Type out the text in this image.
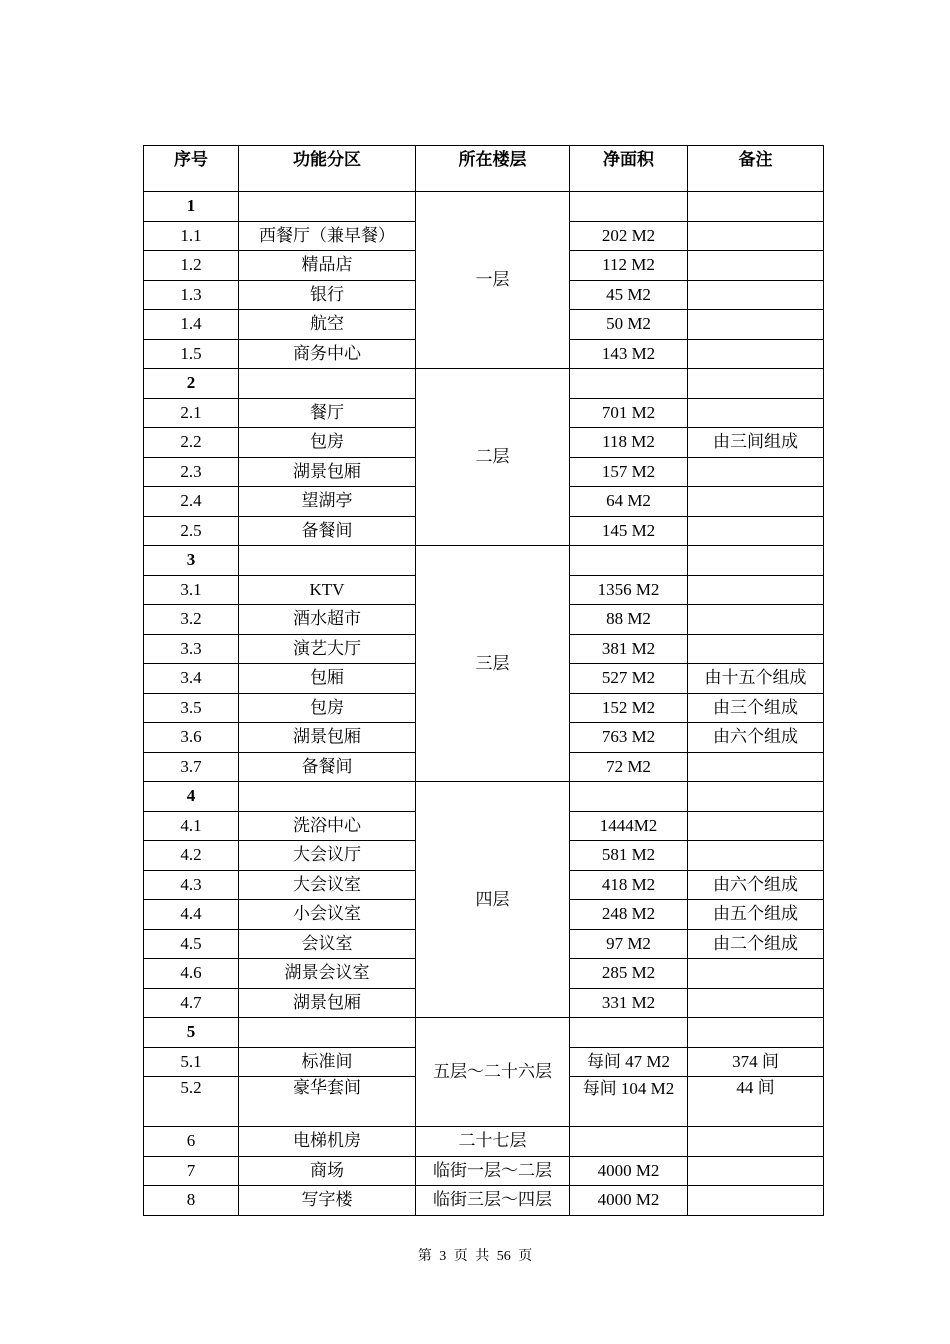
序号	功能分区	所在楼层	净面积	备注
1		一层		
1.1	西餐厅（兼早餐）		202 M2	
1.2	精品店		112 M2	
1.3	银行		45 M2	
1.4	航空		50 M2	
1.5	商务中心		143 M2	
2		二层		
2.1	餐厅		701 M2	
2.2	包房		118 M2	由三间组成
2.3	湖景包厢		157 M2	
2.4	望湖亭		64 M2	
2.5	备餐间		145 M2	
3		三层		
3.1	KTV		1356 M2	
3.2	酒水超市		88 M2	
3.3	演艺大厅		381 M2	
3.4	包厢		527 M2	由十五个组成
3.5	包房		152 M2	由三个组成
3.6	湖景包厢		763 M2	由六个组成
3.7	备餐间		72 M2	
4		四层		
4.1	洗浴中心		1444M2	
4.2	大会议厅		581 M2	
4.3	大会议室		418 M2	由六个组成
4.4	小会议室		248 M2	由五个组成
4.5	会议室		97 M2	由二个组成
4.6	湖景会议室		285 M2	
4.7	湖景包厢		331 M2	
5		五层～二十六层		
5.1	标准间		每间 47 M2	374 间
5.2	豪华套间		每间 104 M2	44 间
6	电梯机房	二十七层		
7	商场	临街一层～二层	4000 M2	
8	写字楼	临街三层～四层	4000 M2	
第 3 页 共 56 页
